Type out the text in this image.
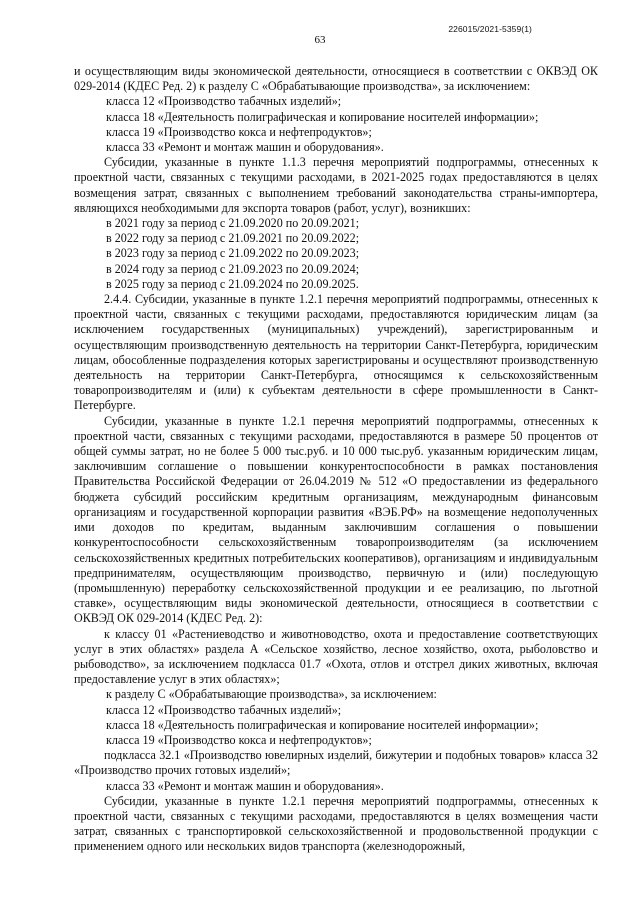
226015/2021-5359(1)
63

и осуществляющим виды экономической деятельности, относящиеся в соответствии с ОКВЭД ОК 029-2014 (КДЕС Ред. 2) к разделу С «Обрабатывающие производства», за исключением:

класса 12 «Производство табачных изделий»;

класса 18 «Деятельность полиграфическая и копирование носителей информации»;

класса 19 «Производство кокса и нефтепродуктов»;

класса 33 «Ремонт и монтаж машин и оборудования».

Субсидии, указанные в пункте 1.1.3 перечня мероприятий подпрограммы, отнесенных к проектной части, связанных с текущими расходами, в 2021-2025 годах предоставляются в целях возмещения затрат, связанных с выполнением требований законодательства страны-импортера, являющихся необходимыми для экспорта товаров (работ, услуг), возникших:

в 2021 году за период с 21.09.2020 по 20.09.2021;

в 2022 году за период с 21.09.2021 по 20.09.2022;

в 2023 году за период с 21.09.2022 по 20.09.2023;

в 2024 году за период с 21.09.2023 по 20.09.2024;

в 2025 году за период с 21.09.2024 по 20.09.2025.

2.4.4. Субсидии, указанные в пункте 1.2.1 перечня мероприятий подпрограммы, отнесенных к проектной части, связанных с текущими расходами, предоставляются юридическим лицам (за исключением государственных (муниципальных) учреждений), зарегистрированным и осуществляющим производственную деятельность на территории Санкт-Петербурга, юридическим лицам, обособленные подразделения которых зарегистрированы и осуществляют производственную деятельность на территории Санкт-Петербурга, относящимся к сельскохозяйственным товаропроизводителям и (или) к субъектам деятельности в сфере промышленности в Санкт-Петербурге.

Субсидии, указанные в пункте 1.2.1 перечня мероприятий подпрограммы, отнесенных к проектной части, связанных с текущими расходами, предоставляются в размере 50 процентов от общей суммы затрат, но не более 5 000 тыс.руб. и 10 000 тыс.руб. указанным юридическим лицам, заключившим соглашение о повышении конкурентоспособности в рамках постановления Правительства Российской Федерации от 26.04.2019 № 512 «О предоставлении из федерального бюджета субсидий российским кредитным организациям, международным финансовым организациям и государственной корпорации развития «ВЭБ.РФ» на возмещение недополученных ими доходов по кредитам, выданным заключившим соглашения о повышении конкурентоспособности сельскохозяйственным товаропроизводителям (за исключением сельскохозяйственных кредитных потребительских кооперативов), организациям и индивидуальным предпринимателям, осуществляющим производство, первичную и (или) последующую (промышленную) переработку сельскохозяйственной продукции и ее реализацию, по льготной ставке», осуществляющим виды экономической деятельности, относящиеся в соответствии с ОКВЭД ОК 029-2014 (КДЕС Ред. 2):

к классу 01 «Растениеводство и животноводство, охота и предоставление соответствующих услуг в этих областях» раздела А «Сельское хозяйство, лесное хозяйство, охота, рыболовство и рыбоводство», за исключением подкласса 01.7 «Охота, отлов и отстрел диких животных, включая предоставление услуг в этих областях»;

к разделу С «Обрабатывающие производства», за исключением:

класса 12 «Производство табачных изделий»;

класса 18 «Деятельность полиграфическая и копирование носителей информации»;

класса 19 «Производство кокса и нефтепродуктов»;

подкласса 32.1 «Производство ювелирных изделий, бижутерии и подобных товаров» класса 32 «Производство прочих готовых изделий»;

класса 33 «Ремонт и монтаж машин и оборудования».

Субсидии, указанные в пункте 1.2.1 перечня мероприятий подпрограммы, отнесенных к проектной части, связанных с текущими расходами, предоставляются в целях возмещения части затрат, связанных с транспортировкой сельскохозяйственной и продовольственной продукции с применением одного или нескольких видов транспорта (железнодорожный,
